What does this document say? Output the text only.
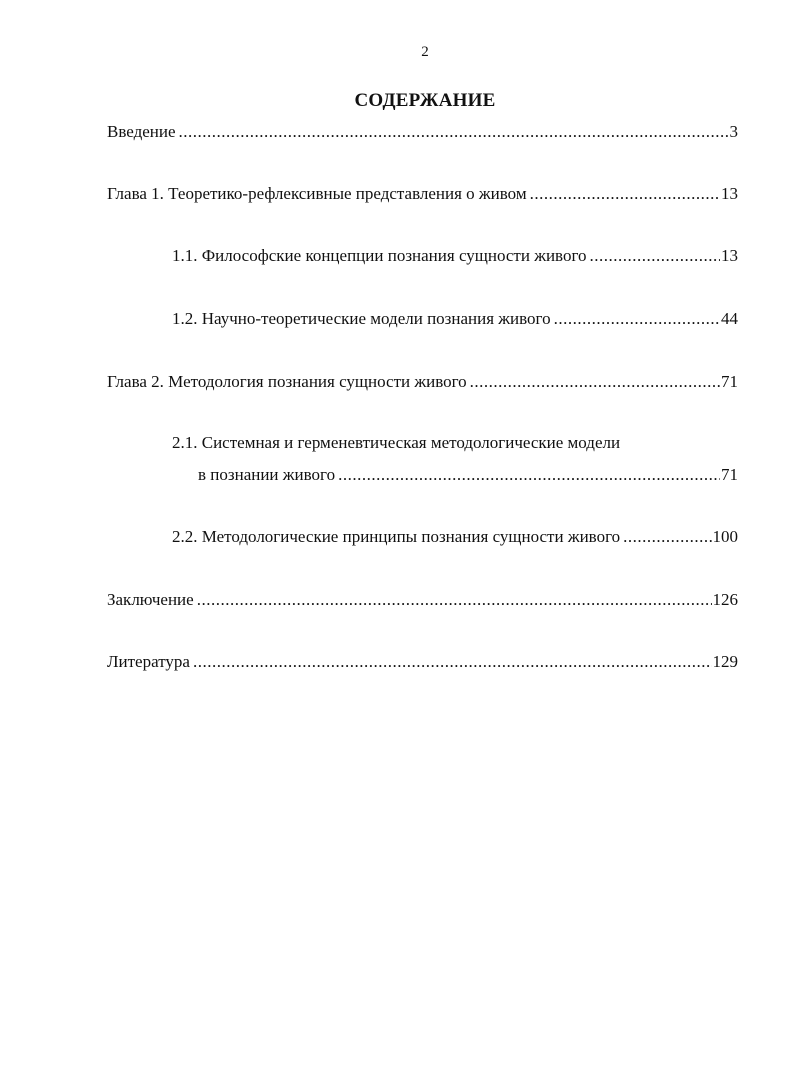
2
СОДЕРЖАНИЕ
Введение .....	3
Глава 1. Теоретико-рефлексивные представления о живом .....	13
1.1. Философские концепции познания сущности живого .....	13
1.2. Научно-теоретические модели познания живого .....	44
Глава 2. Методология познания сущности живого .....	71
2.1. Системная и герменевтическая методологические модели
в познании живого .....	71
2.2. Методологические принципы познания сущности живого .....	100
Заключение .....	126
Литература .....	129
